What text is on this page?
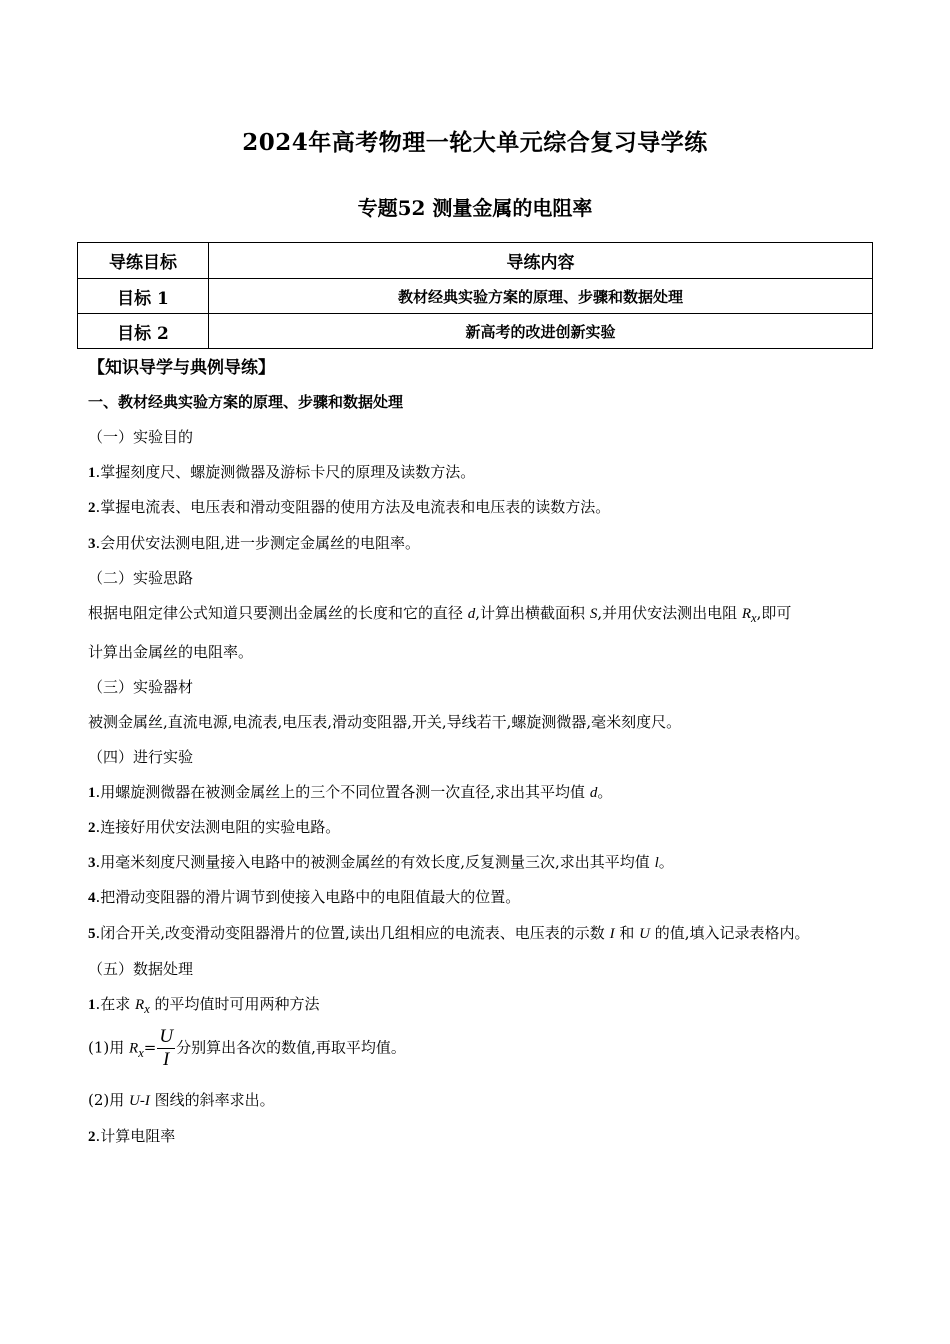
2024年高考物理一轮大单元综合复习导学练
专题52 测量金属的电阻率
导练目标	导练内容
目标 1	教材经典实验方案的原理、步骤和数据处理
目标 2	新高考的改进创新实验
【知识导学与典例导练】
一、教材经典实验方案的原理、步骤和数据处理
（一）实验目的
1.掌握刻度尺、螺旋测微器及游标卡尺的原理及读数方法。
2.掌握电流表、电压表和滑动变阻器的使用方法及电流表和电压表的读数方法。
3.会用伏安法测电阻,进一步测定金属丝的电阻率。
（二）实验思路
根据电阻定律公式知道只要测出金属丝的长度和它的直径 d,计算出横截面积 S,并用伏安法测出电阻 $R_x$,即可
计算出金属丝的电阻率。
（三）实验器材
被测金属丝,直流电源,电流表,电压表,滑动变阻器,开关,导线若干,螺旋测微器,毫米刻度尺。
（四）进行实验
1.用螺旋测微器在被测金属丝上的三个不同位置各测一次直径,求出其平均值 d。
2.连接好用伏安法测电阻的实验电路。
3.用毫米刻度尺测量接入电路中的被测金属丝的有效长度,反复测量三次,求出其平均值 l。
4.把滑动变阻器的滑片调节到使接入电路中的电阻值最大的位置。
5.闭合开关,改变滑动变阻器滑片的位置,读出几组相应的电流表、电压表的示数 I 和 U 的值,填入记录表格内。
（五）数据处理
1.在求 $R_x$ 的平均值时可用两种方法
(1)用 $R_x= \frac{U}{I}$ 分别算出各次的数值,再取平均值。
(2)用 U-I 图线的斜率求出。
2.计算电阻率
